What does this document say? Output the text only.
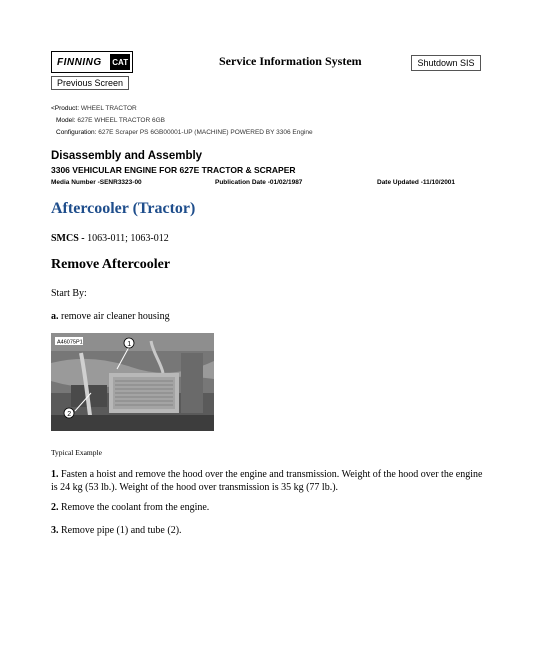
FINNING	CAT	Service Information System	Shutdown SIS
Previous Screen
<Product: WHEEL TRACTOR
Model: 627E WHEEL TRACTOR 6GB
Configuration: 627E Scraper PS 6GB00001-UP (MACHINE) POWERED BY 3306 Engine
Disassembly and Assembly
3306 VEHICULAR ENGINE FOR 627E TRACTOR & SCRAPER
Media Number -SENR3323-00	Publication Date -01/02/1987	Date Updated -11/10/2001
Aftercooler (Tractor)
SMCS - 1063-011; 1063-012
Remove Aftercooler
Start By:
a. remove air cleaner housing
A46075P1	1
2
Typical Example
1. Fasten a hoist and remove the hood over the engine and transmission. Weight of the hood over the engine is 24 kg (53 lb.). Weight of the hood over transmission is 35 kg (77 lb.).
2. Remove the coolant from the engine.
3. Remove pipe (1) and tube (2).
